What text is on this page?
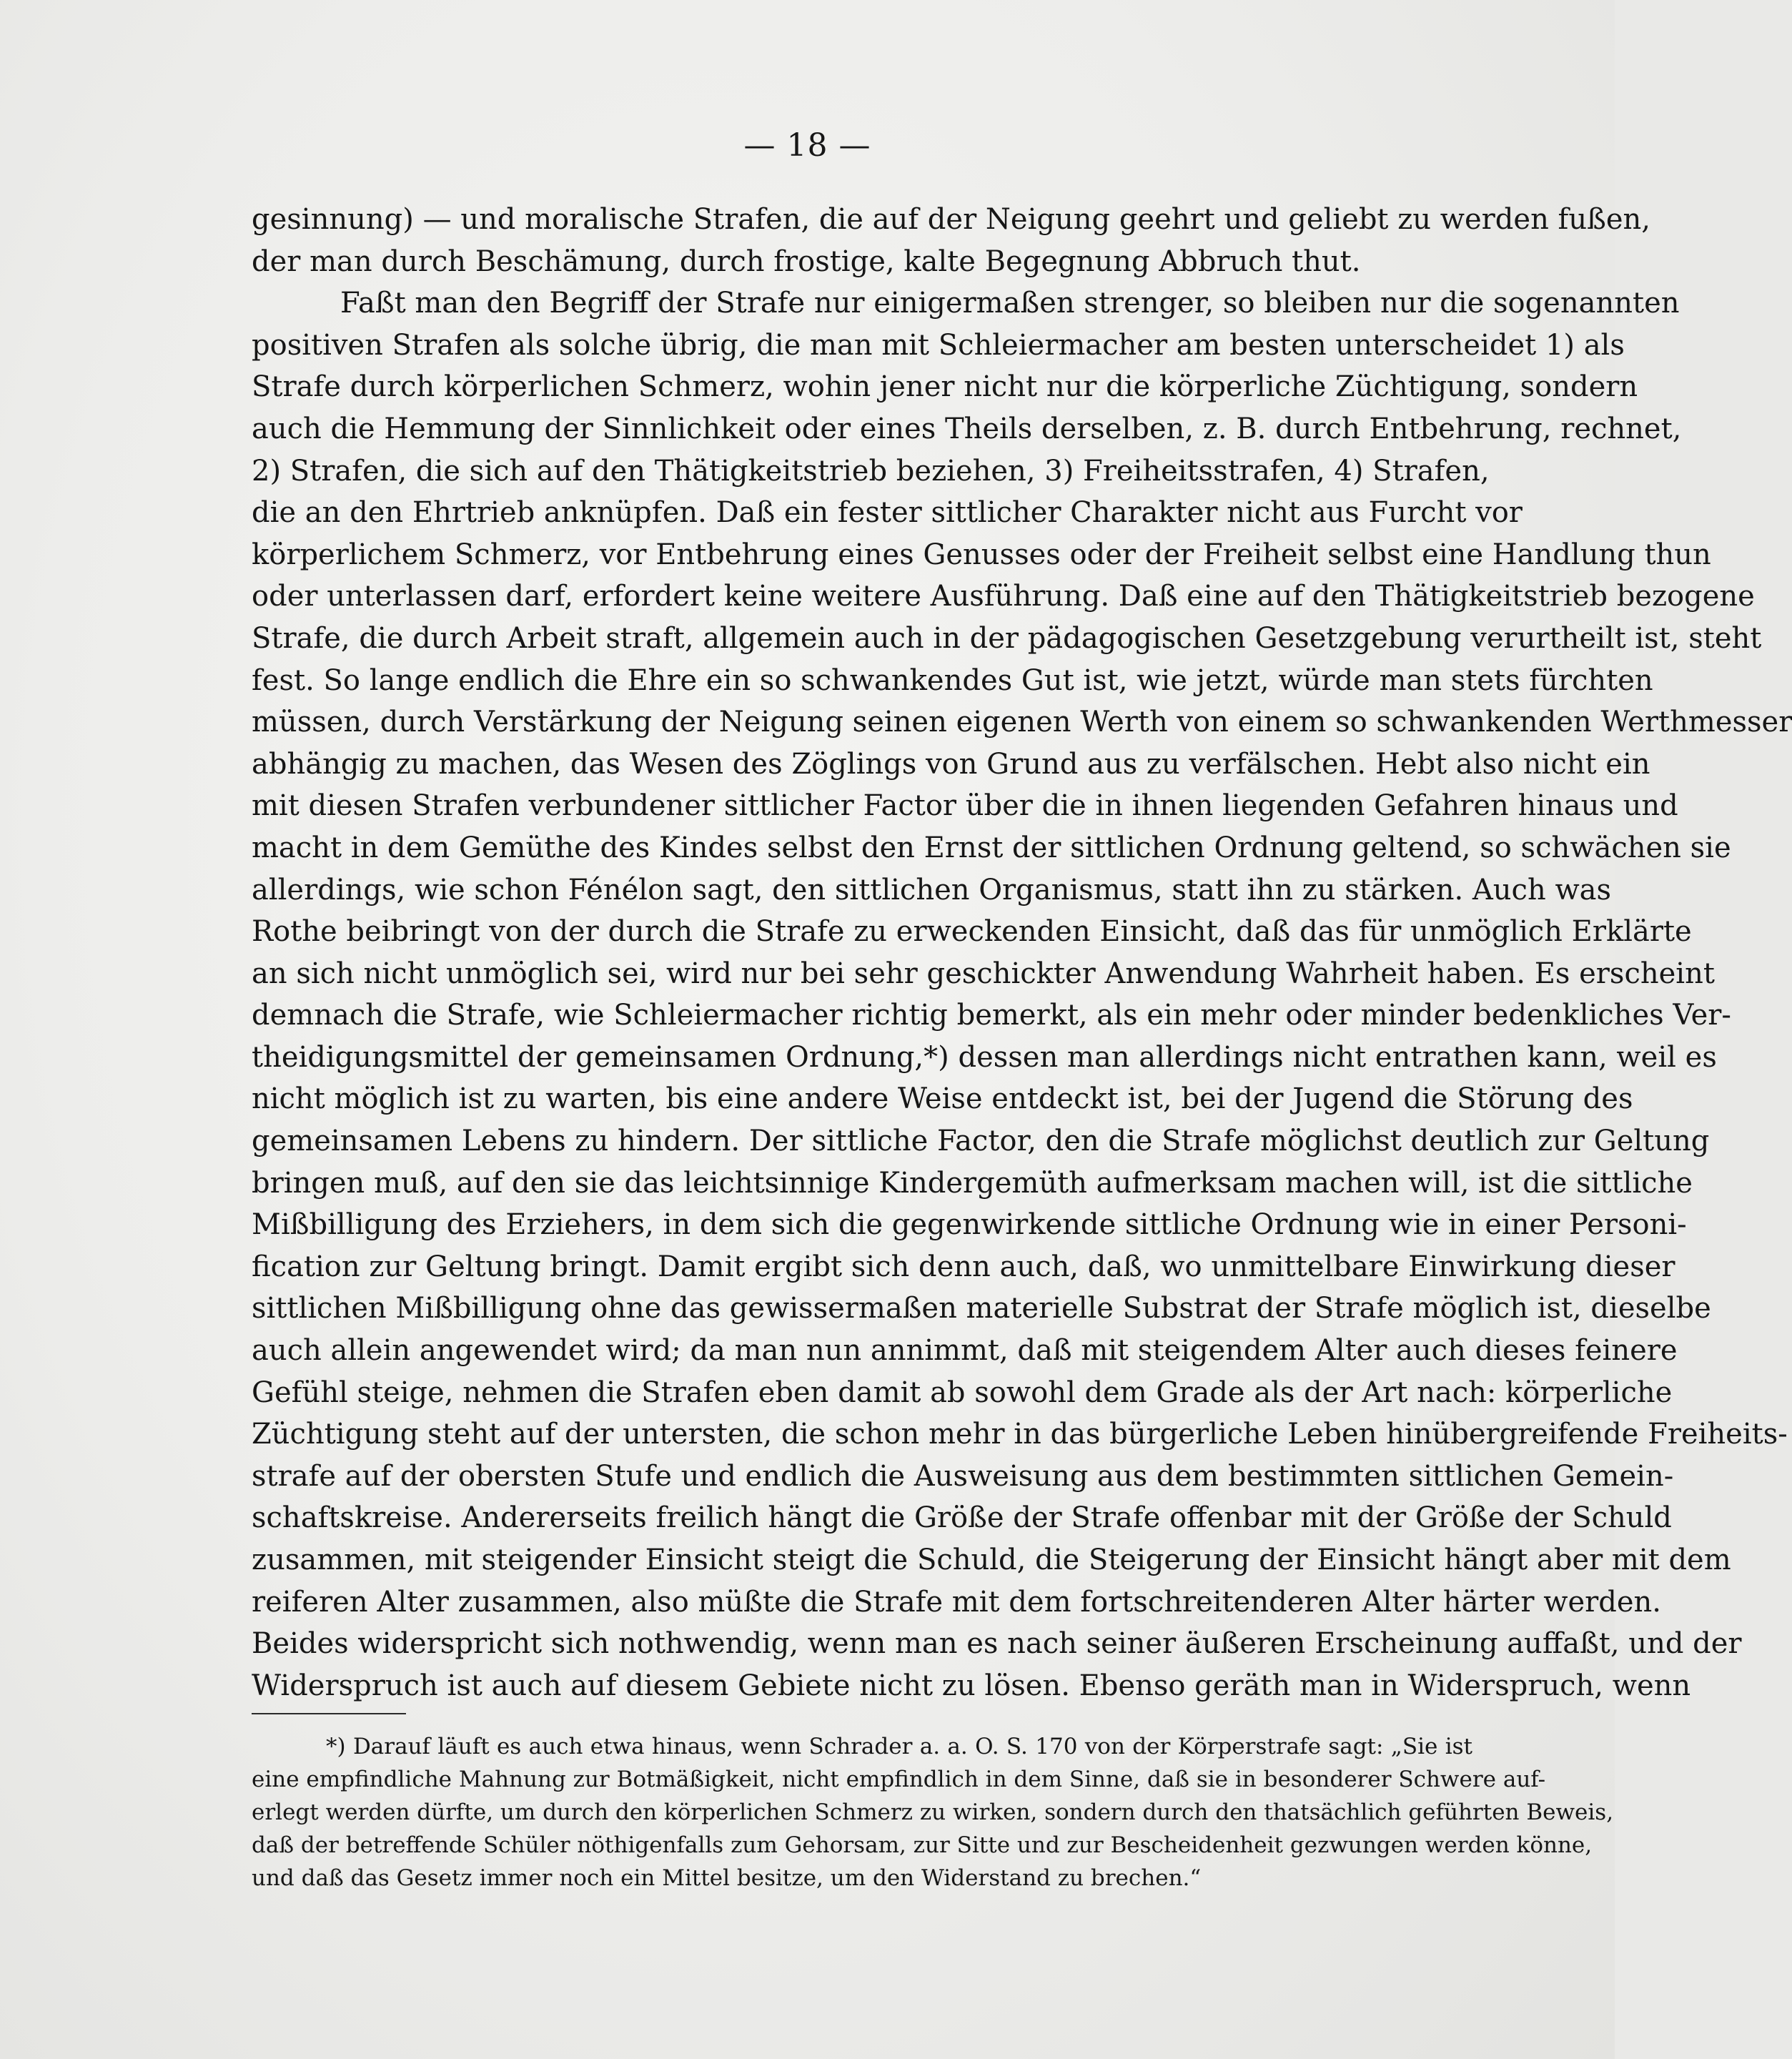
— 18 —
gesinnung) — und moralische Strafen, die auf der Neigung geehrt und geliebt zu werden fußen,
der man durch Beschämung, durch frostige, kalte Begegnung Abbruch thut.
Faßt man den Begriff der Strafe nur einigermaßen strenger, so bleiben nur die sogenannten
positiven Strafen als solche übrig, die man mit Schleiermacher am besten unterscheidet 1) als
Strafe durch körperlichen Schmerz, wohin jener nicht nur die körperliche Züchtigung, sondern
auch die Hemmung der Sinnlichkeit oder eines Theils derselben, z. B. durch Entbehrung, rechnet,
2) Strafen, die sich auf den Thätigkeitstrieb beziehen, 3) Freiheitsstrafen, 4) Strafen,
die an den Ehrtrieb anknüpfen. Daß ein fester sittlicher Charakter nicht aus Furcht vor
körperlichem Schmerz, vor Entbehrung eines Genusses oder der Freiheit selbst eine Handlung thun
oder unterlassen darf, erfordert keine weitere Ausführung. Daß eine auf den Thätigkeitstrieb bezogene
Strafe, die durch Arbeit straft, allgemein auch in der pädagogischen Gesetzgebung verurtheilt ist, steht
fest. So lange endlich die Ehre ein so schwankendes Gut ist, wie jetzt, würde man stets fürchten
müssen, durch Verstärkung der Neigung seinen eigenen Werth von einem so schwankenden Werthmesser
abhängig zu machen, das Wesen des Zöglings von Grund aus zu verfälschen. Hebt also nicht ein
mit diesen Strafen verbundener sittlicher Factor über die in ihnen liegenden Gefahren hinaus und
macht in dem Gemüthe des Kindes selbst den Ernst der sittlichen Ordnung geltend, so schwächen sie
allerdings, wie schon Fénélon sagt, den sittlichen Organismus, statt ihn zu stärken. Auch was
Rothe beibringt von der durch die Strafe zu erweckenden Einsicht, daß das für unmöglich Erklärte
an sich nicht unmöglich sei, wird nur bei sehr geschickter Anwendung Wahrheit haben. Es erscheint
demnach die Strafe, wie Schleiermacher richtig bemerkt, als ein mehr oder minder bedenkliches Ver-
theidigungsmittel der gemeinsamen Ordnung,*) dessen man allerdings nicht entrathen kann, weil es
nicht möglich ist zu warten, bis eine andere Weise entdeckt ist, bei der Jugend die Störung des
gemeinsamen Lebens zu hindern. Der sittliche Factor, den die Strafe möglichst deutlich zur Geltung
bringen muß, auf den sie das leichtsinnige Kindergemüth aufmerksam machen will, ist die sittliche
Mißbilligung des Erziehers, in dem sich die gegenwirkende sittliche Ordnung wie in einer Personi-
fication zur Geltung bringt. Damit ergibt sich denn auch, daß, wo unmittelbare Einwirkung dieser
sittlichen Mißbilligung ohne das gewissermaßen materielle Substrat der Strafe möglich ist, dieselbe
auch allein angewendet wird; da man nun annimmt, daß mit steigendem Alter auch dieses feinere
Gefühl steige, nehmen die Strafen eben damit ab sowohl dem Grade als der Art nach: körperliche
Züchtigung steht auf der untersten, die schon mehr in das bürgerliche Leben hinübergreifende Freiheits-
strafe auf der obersten Stufe und endlich die Ausweisung aus dem bestimmten sittlichen Gemein-
schaftskreise. Andererseits freilich hängt die Größe der Strafe offenbar mit der Größe der Schuld
zusammen, mit steigender Einsicht steigt die Schuld, die Steigerung der Einsicht hängt aber mit dem
reiferen Alter zusammen, also müßte die Strafe mit dem fortschreitenderen Alter härter werden.
Beides widerspricht sich nothwendig, wenn man es nach seiner äußeren Erscheinung auffaßt, und der
Widerspruch ist auch auf diesem Gebiete nicht zu lösen. Ebenso geräth man in Widerspruch, wenn
*) Darauf läuft es auch etwa hinaus, wenn Schrader a. a. O. S. 170 von der Körperstrafe sagt: „Sie ist
eine empfindliche Mahnung zur Botmäßigkeit, nicht empfindlich in dem Sinne, daß sie in besonderer Schwere auf-
erlegt werden dürfte, um durch den körperlichen Schmerz zu wirken, sondern durch den thatsächlich geführten Beweis,
daß der betreffende Schüler nöthigenfalls zum Gehorsam, zur Sitte und zur Bescheidenheit gezwungen werden könne,
und daß das Gesetz immer noch ein Mittel besitze, um den Widerstand zu brechen.“
